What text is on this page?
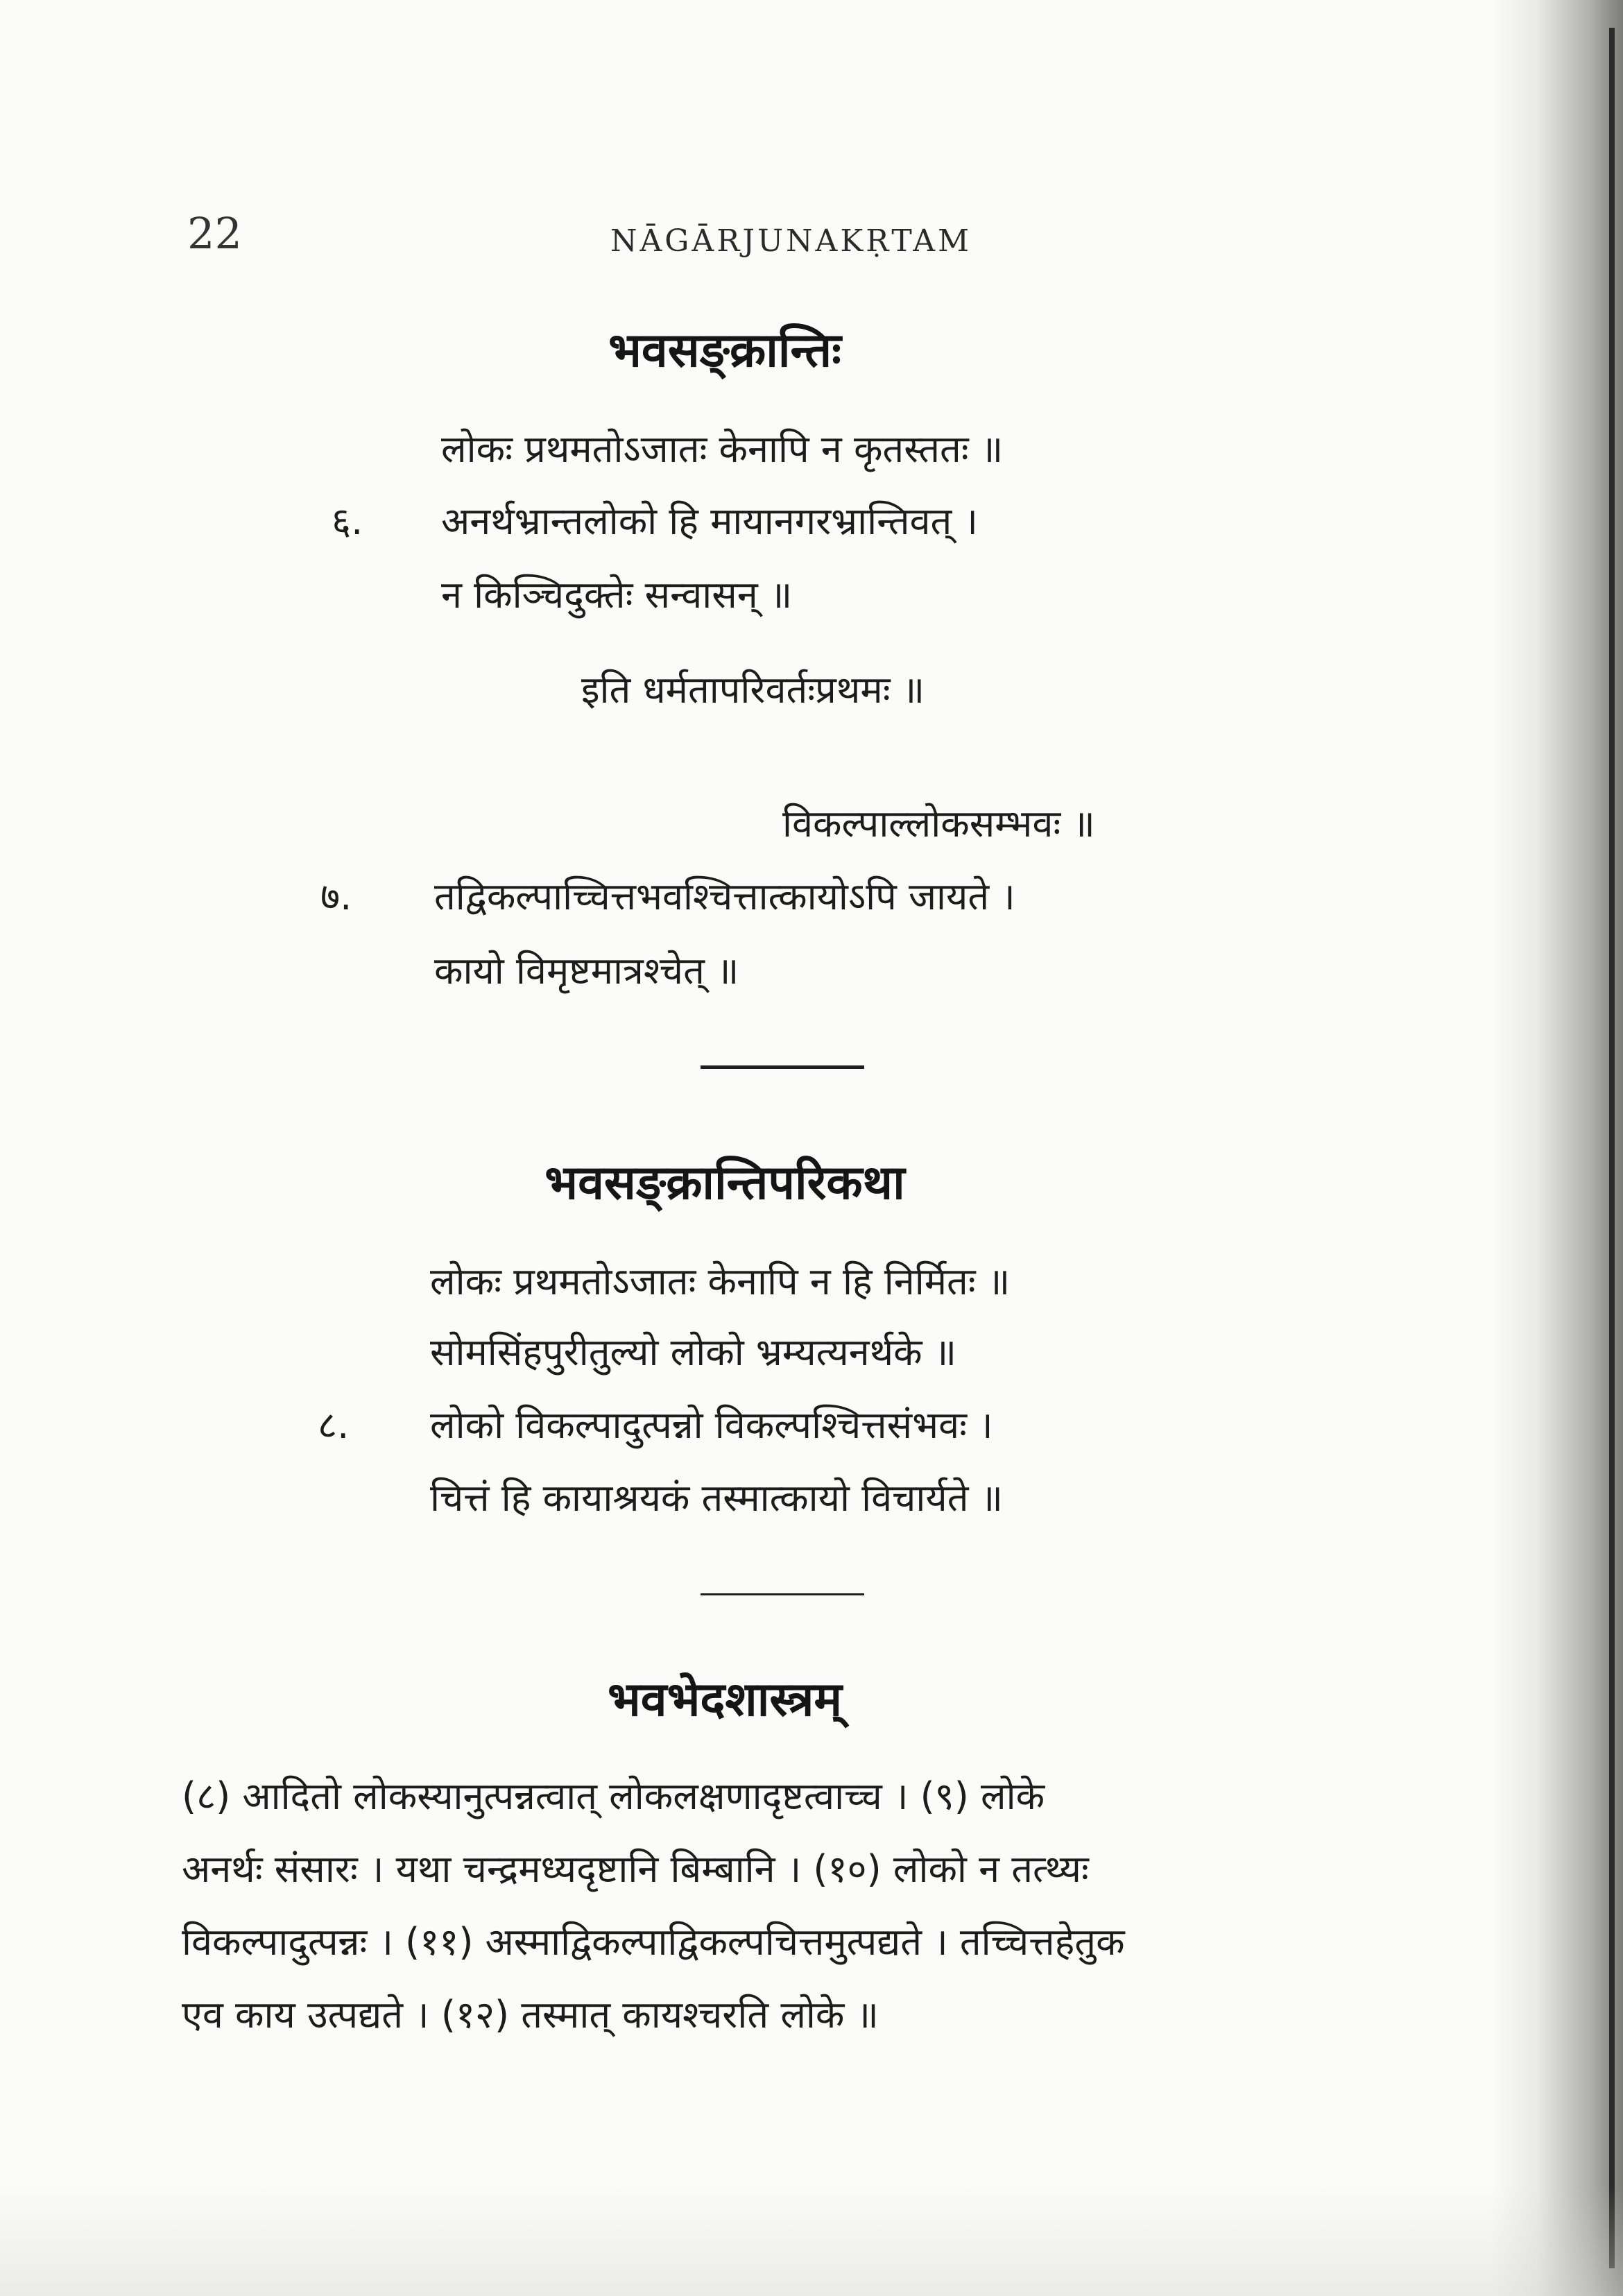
22	NĀGĀRJUNAKṚTAM
भवसङ्क्रान्तिः
लोकः प्रथमतोऽजातः केनापि न कृतस्ततः ॥
६. अनर्थभ्रान्तलोको हि मायानगरभ्रान्तिवत् ।
न किञ्चिदुक्तेः सन्वासन् ॥
इति धर्मतापरिवर्तःप्रथमः ॥
विकल्पाल्लोकसम्भवः ॥
७. तद्विकल्पाच्चित्तभवश्चित्तात्कायोऽपि जायते ।
कायो विमृष्टमात्रश्चेत् ॥
भवसङ्क्रान्तिपरिकथा
लोकः प्रथमतोऽजातः केनापि न हि निर्मितः ॥
सोमसिंहपुरीतुल्यो लोको भ्रम्यत्यनर्थके ॥
८. लोको विकल्पादुत्पन्नो विकल्पश्चित्तसंभवः ।
चित्तं हि कायाश्रयकं तस्मात्कायो विचार्यते ॥
भवभेदशास्त्रम्
(८) आदितो लोकस्यानुत्पन्नत्वात् लोकलक्षणादृष्टत्वाच्च । (९) लोके
अनर्थः संसारः । यथा चन्द्रमध्यदृष्टानि बिम्बानि । (१०) लोको न तत्थ्यः
विकल्पादुत्पन्नः । (११) अस्माद्विकल्पाद्विकल्पचित्तमुत्पद्यते । तच्चित्तहेतुक
एव काय उत्पद्यते । (१२) तस्मात् कायश्चरति लोके ॥
